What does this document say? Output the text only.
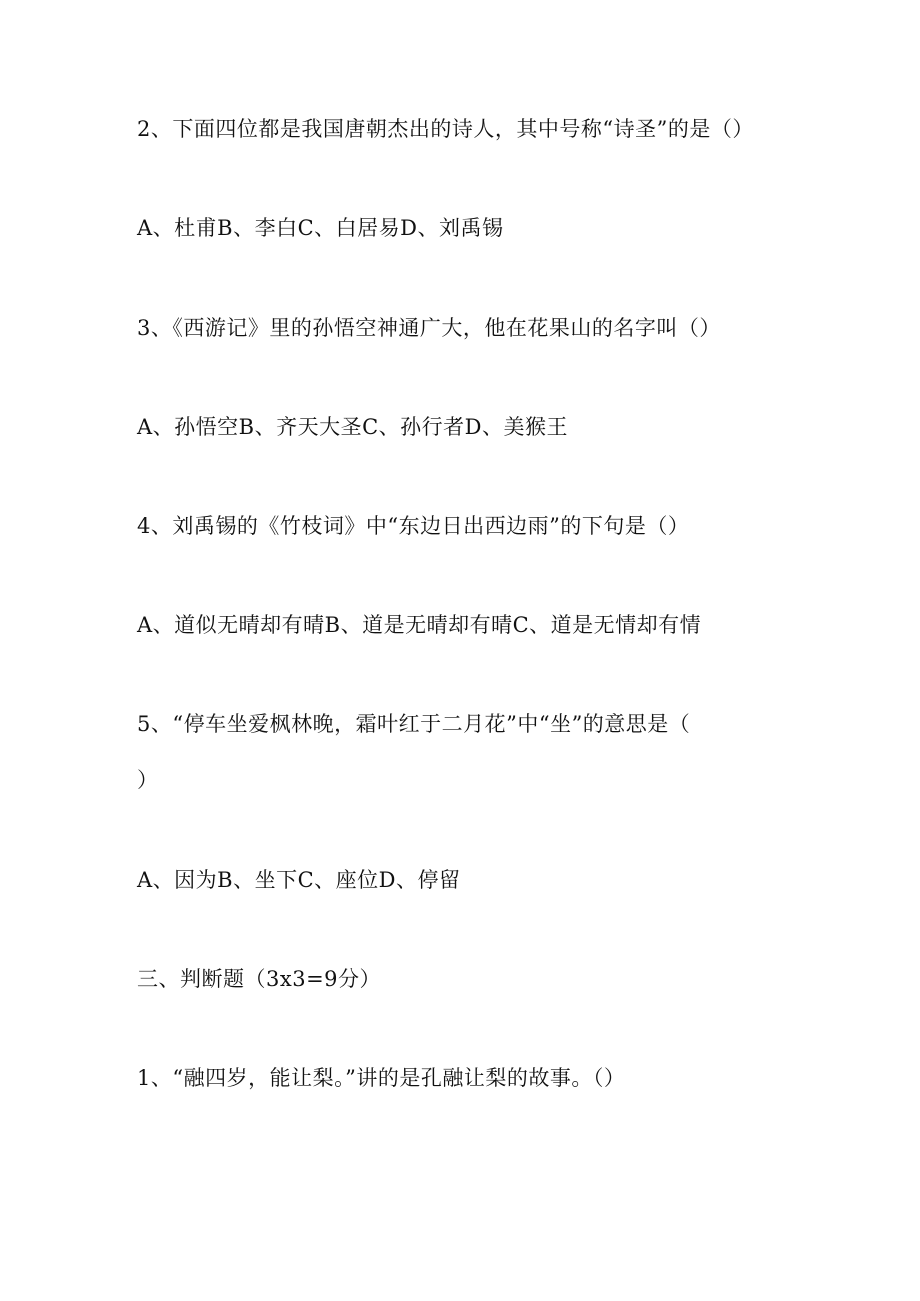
2、下面四位都是我国唐朝杰出的诗人，其中号称“诗圣”的是（）
A、杜甫B、李白C、白居易D、刘禹锡
3、《西游记》里的孙悟空神通广大，他在花果山的名字叫（）
A、孙悟空B、齐天大圣C、孙行者D、美猴王
4、刘禹锡的《竹枝词》中“东边日出西边雨”的下句是（）
A、道似无晴却有晴B、道是无晴却有晴C、道是无情却有情
5、“停车坐爱枫林晚，霜叶红于二月花”中“坐”的意思是（
）
A、因为B、坐下C、座位D、停留
三、判断题（3x3=9分）
1、“融四岁，能让梨。”讲的是孔融让梨的故事。（）
